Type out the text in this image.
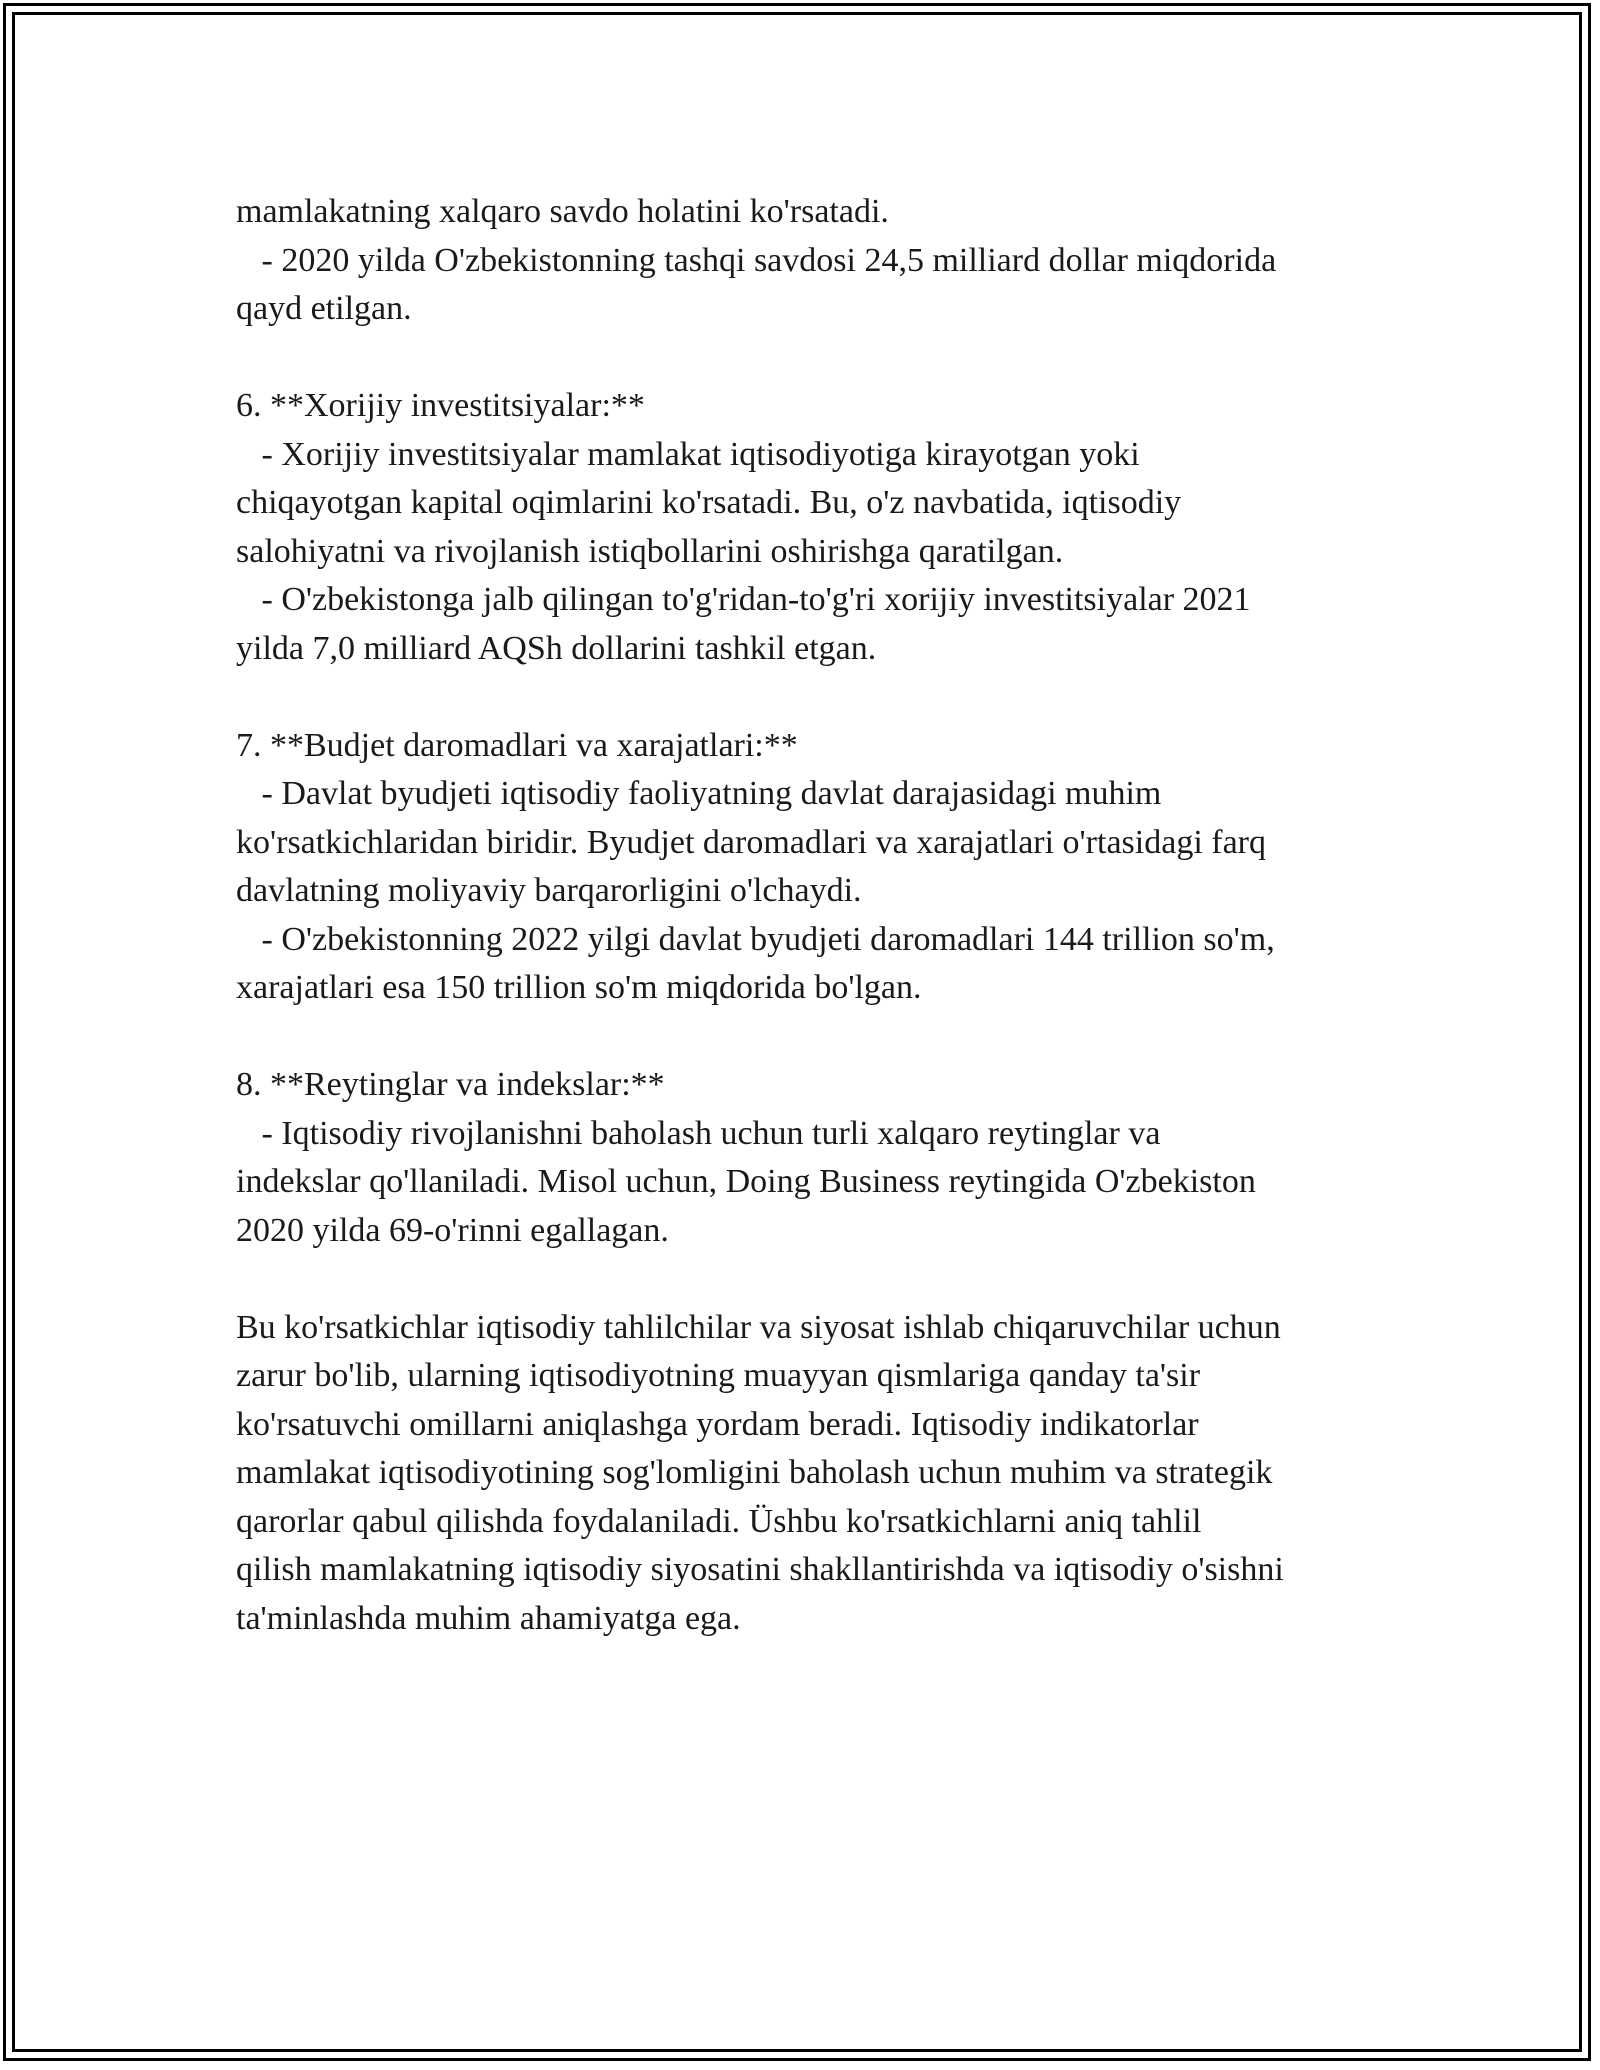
mamlakatning xalqaro savdo holatini ko'rsatadi.
- 2020 yilda O'zbekistonning tashqi savdosi 24,5 milliard dollar miqdorida
qayd etilgan.
6. **Xorijiy investitsiyalar:**
- Xorijiy investitsiyalar mamlakat iqtisodiyotiga kirayotgan yoki
chiqayotgan kapital oqimlarini ko'rsatadi. Bu, o'z navbatida, iqtisodiy
salohiyatni va rivojlanish istiqbollarini oshirishga qaratilgan.
- O'zbekistonga jalb qilingan to'g'ridan-to'g'ri xorijiy investitsiyalar 2021
yilda 7,0 milliard AQSh dollarini tashkil etgan.
7. **Budjet daromadlari va xarajatlari:**
- Davlat byudjeti iqtisodiy faoliyatning davlat darajasidagi muhim
ko'rsatkichlaridan biridir. Byudjet daromadlari va xarajatlari o'rtasidagi farq
davlatning moliyaviy barqarorligini o'lchaydi.
- O'zbekistonning 2022 yilgi davlat byudjeti daromadlari 144 trillion so'm,
xarajatlari esa 150 trillion so'm miqdorida bo'lgan.
8. **Reytinglar va indekslar:**
- Iqtisodiy rivojlanishni baholash uchun turli xalqaro reytinglar va
indekslar qo'llaniladi. Misol uchun, Doing Business reytingida O'zbekiston
2020 yilda 69-o'rinni egallagan.
Bu ko'rsatkichlar iqtisodiy tahlilchilar va siyosat ishlab chiqaruvchilar uchun
zarur bo'lib, ularning iqtisodiyotning muayyan qismlariga qanday ta'sir
ko'rsatuvchi omillarni aniqlashga yordam beradi. Iqtisodiy indikatorlar
mamlakat iqtisodiyotining sog'lomligini baholash uchun muhim va strategik
qarorlar qabul qilishda foydalaniladi. Üshbu ko'rsatkichlarni aniq tahlil
qilish mamlakatning iqtisodiy siyosatini shakllantirishda va iqtisodiy o'sishni
ta'minlashda muhim ahamiyatga ega.
